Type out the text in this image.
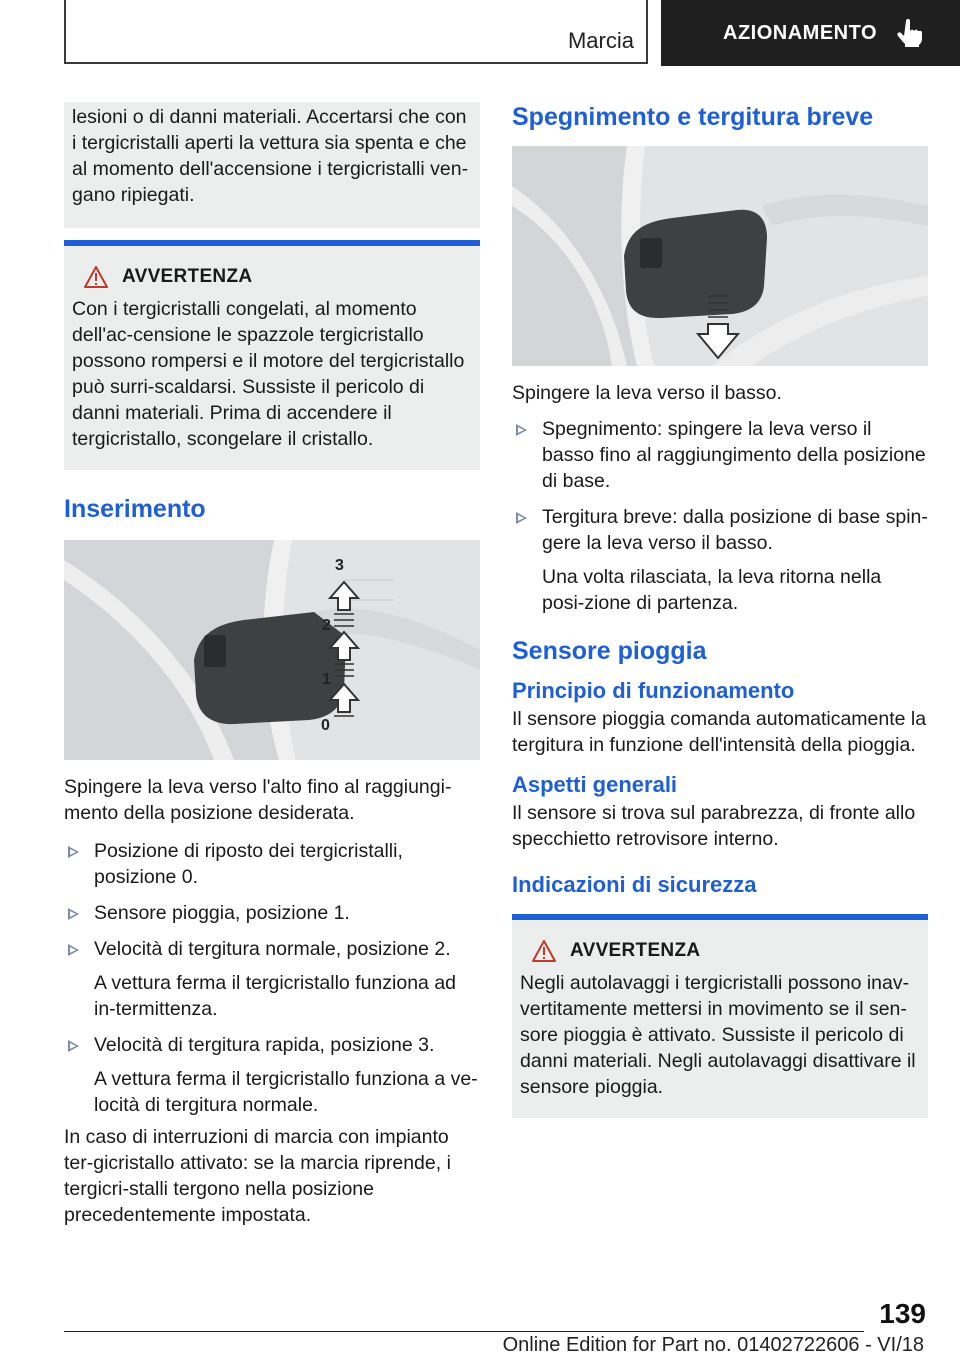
Marcia	AZIONAMENTO

lesioni o di danni materiali. Accertarsi che con i tergicristalli aperti la vettura sia spenta e che al momento dell'accensione i tergicristalli ven-gano ripiegati.

AVVERTENZA

Con i tergicristalli congelati, al momento dell'ac-censione le spazzole tergicristallo possono rompersi e il motore del tergicristallo può surri-scaldarsi. Sussiste il pericolo di danni materiali. Prima di accendere il tergicristallo, scongelare il cristallo.

Inserimento
3
2
1
0

Spingere la leva verso l'alto fino al raggiungi-mento della posizione desiderata.

Posizione di riposto dei tergicristalli, posizione 0.
Sensore pioggia, posizione 1.
Velocità di tergitura normale, posizione 2.
A vettura ferma il tergicristallo funziona ad in-termittenza.
Velocità di tergitura rapida, posizione 3.
A vettura ferma il tergicristallo funziona a ve-locità di tergitura normale.

In caso di interruzioni di marcia con impianto ter-gicristallo attivato: se la marcia riprende, i tergicri-stalli tergono nella posizione precedentemente impostata.

Spegnimento e tergitura breve

Spingere la leva verso il basso.

Spegnimento: spingere la leva verso il basso fino al raggiungimento della posizione di base.
Tergitura breve: dalla posizione di base spin-gere la leva verso il basso.
Una volta rilasciata, la leva ritorna nella posi-zione di partenza.
Sensore pioggia
Principio di funzionamento

Il sensore pioggia comanda automaticamente la tergitura in funzione dell'intensità della pioggia.

Aspetti generali

Il sensore si trova sul parabrezza, di fronte allo specchietto retrovisore interno.

Indicazioni di sicurezza
AVVERTENZA

Negli autolavaggi i tergicristalli possono inav-vertitamente mettersi in movimento se il sen-sore pioggia è attivato. Sussiste il pericolo di danni materiali. Negli autolavaggi disattivare il sensore pioggia.

139
Online Edition for Part no. 01402722606 - VI/18
